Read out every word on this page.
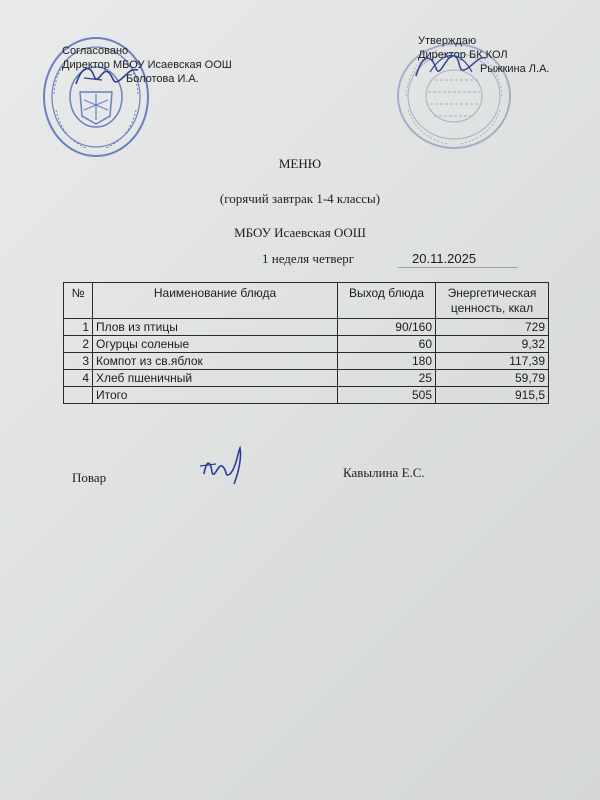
Согласовано
Директор МБОУ Исаевская ООШ
Болотова И.А.
Утверждаю
Директор БК КОЛ
Рыжкина Л.А.
МЕНЮ
(горячий завтрак 1-4 классы)
МБОУ Исаевская ООШ
1 неделя четверг	20.11.2025
№	Наименование блюда	Выход блюда	Энергетическая ценность, ккал
1	Плов из птицы	90/160	729
2	Огурцы соленые	60	9,32
3	Компот из св.яблок	180	117,39
4	Хлеб пшеничный	25	59,79
	Итого	505	915,5
Повар	Кавылина Е.С.
